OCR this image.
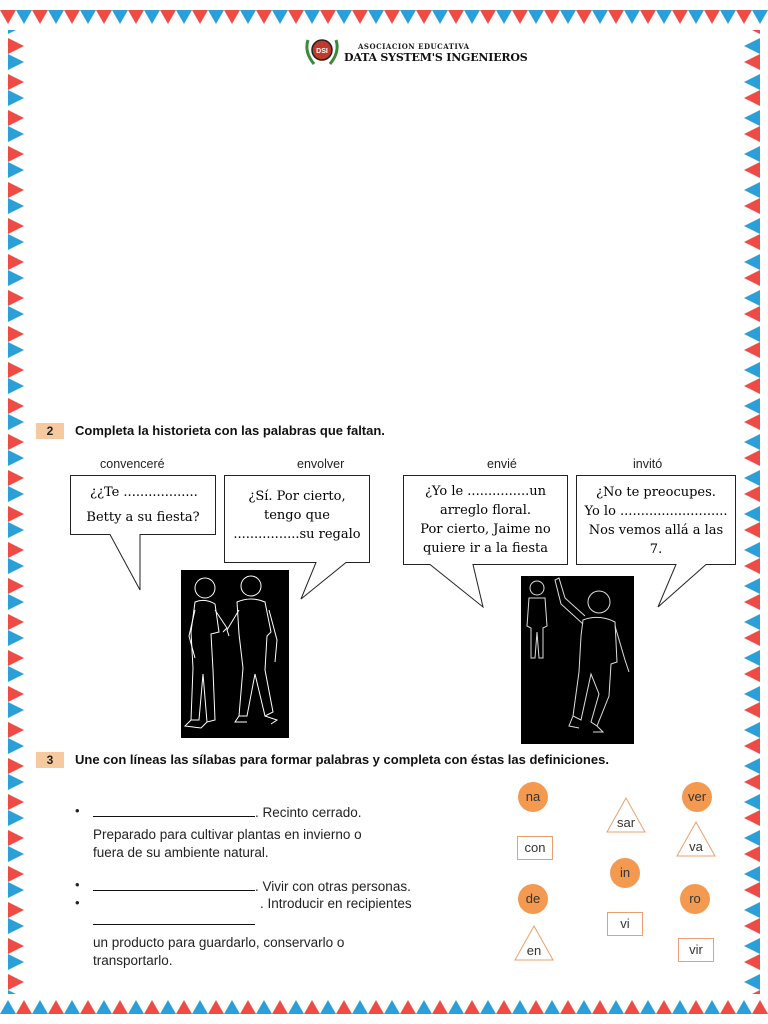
DSI
ASOCIACION EDUCATIVA
DATA SYSTEM'S INGENIEROS
2	Completa la historieta con las palabras que faltan.
convenceré	envolver	envié	invitó
¿¿Te ..................
Betty a su fiesta?
¿Sí. Por cierto,
tengo que
................su regalo
¿Yo le ...............un
arreglo floral.
Por cierto, Jaime no
quiere ir a la fiesta
¿No te preocupes.
Yo lo ..........................
Nos vemos allá a las
7.
3	Une con líneas las sílabas para formar palabras y completa con éstas las definiciones.
•	. Recinto cerrado.
Preparado para cultivar plantas en invierno o
fuera de su ambiente natural.
•	. Vivir con otras personas.
•	. Introducir en recipientes
un producto para guardarlo, conservarlo o
transportarlo.
na	ver
in
de	ro
sar
va
en
con
vi
vir
